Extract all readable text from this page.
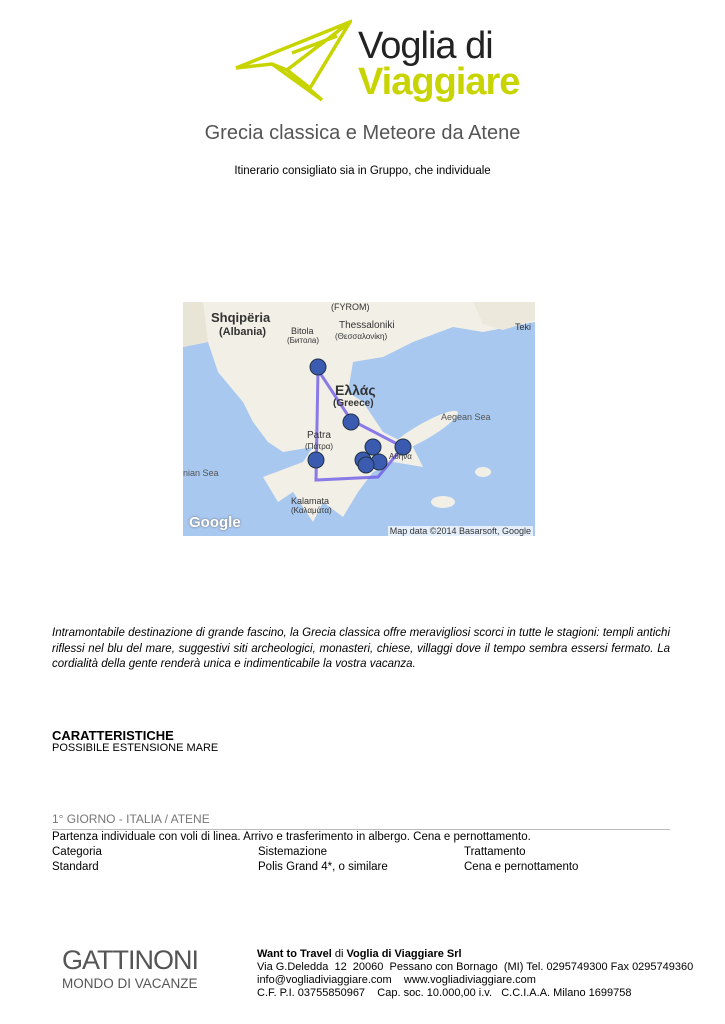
Voglia di
Viaggiare
Grecia classica e Meteore da Atene
Itinerario consigliato sia in Gruppo, che individuale
(FYROM)
Shqipëria
(Albania)	Bitola
(Битола)
Thessaloniki
(Θεσσαλονίκη)
Teki
Ελλάς
(Greece)
Aegean Sea
Patra
(Πάτρα)
nian Sea
Kalamata
(Καλαμάτα)
Αθήνα
Google	Map data ©2014 Basarsoft, Google
Intramontabile destinazione di grande fascino, la Grecia classica offre meravigliosi scorci in tutte le stagioni: templi antichi riflessi nel blu del mare, suggestivi siti archeologici, monasteri, chiese, villaggi dove il tempo sembra essersi fermato. La cordialità della gente renderà unica e indimenticabile la vostra vacanza.
CARATTERISTICHE
POSSIBILE ESTENSIONE MARE
1° GIORNO - ITALIA / ATENE
Partenza individuale con voli di linea. Arrivo e trasferimento in albergo. Cena e pernottamento.
Categoria	Sistemazione	Trattamento
Standard	Polis Grand 4*, o similare	Cena e pernottamento
GATTINONI
MONDO DI VACANZE
Want to Travel di Voglia di Viaggiare Srl
Via G.Deledda  12  20060  Pessano con Bornago  (MI) Tel. 0295749300 Fax 0295749360
info@vogliadiviaggiare.com    www.vogliadiviaggiare.com
C.F. P.I. 03755850967    Cap. soc. 10.000,00 i.v.   C.C.I.A.A. Milano 1699758
